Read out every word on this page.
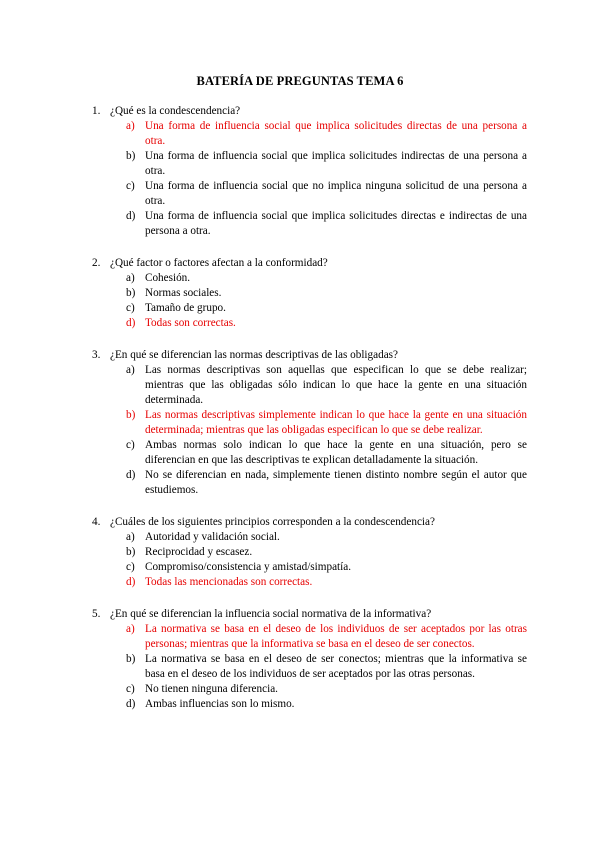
BATERÍA DE PREGUNTAS TEMA 6
1. ¿Qué es la condescendencia?
a) Una forma de influencia social que implica solicitudes directas de una persona a otra.
b) Una forma de influencia social que implica solicitudes indirectas de una persona a otra.
c) Una forma de influencia social que no implica ninguna solicitud de una persona a otra.
d) Una forma de influencia social que implica solicitudes directas e indirectas de una persona a otra.
2. ¿Qué factor o factores afectan a la conformidad?
a) Cohesión.
b) Normas sociales.
c) Tamaño de grupo.
d) Todas son correctas.
3. ¿En qué se diferencian las normas descriptivas de las obligadas?
a) Las normas descriptivas son aquellas que especifican lo que se debe realizar; mientras que las obligadas sólo indican lo que hace la gente en una situación determinada.
b) Las normas descriptivas simplemente indican lo que hace la gente en una situación determinada; mientras que las obligadas especifican lo que se debe realizar.
c) Ambas normas solo indican lo que hace la gente en una situación, pero se diferencian en que las descriptivas te explican detalladamente la situación.
d) No se diferencian en nada, simplemente tienen distinto nombre según el autor que estudiemos.
4. ¿Cuáles de los siguientes principios corresponden a la condescendencia?
a) Autoridad y validación social.
b) Reciprocidad y escasez.
c) Compromiso/consistencia y amistad/simpatía.
d) Todas las mencionadas son correctas.
5. ¿En qué se diferencian la influencia social normativa de la informativa?
a) La normativa se basa en el deseo de los individuos de ser aceptados por las otras personas; mientras que la informativa se basa en el deseo de ser conectos.
b) La normativa se basa en el deseo de ser conectos; mientras que la informativa se basa en el deseo de los individuos de ser aceptados por las otras personas.
c) No tienen ninguna diferencia.
d) Ambas influencias son lo mismo.
